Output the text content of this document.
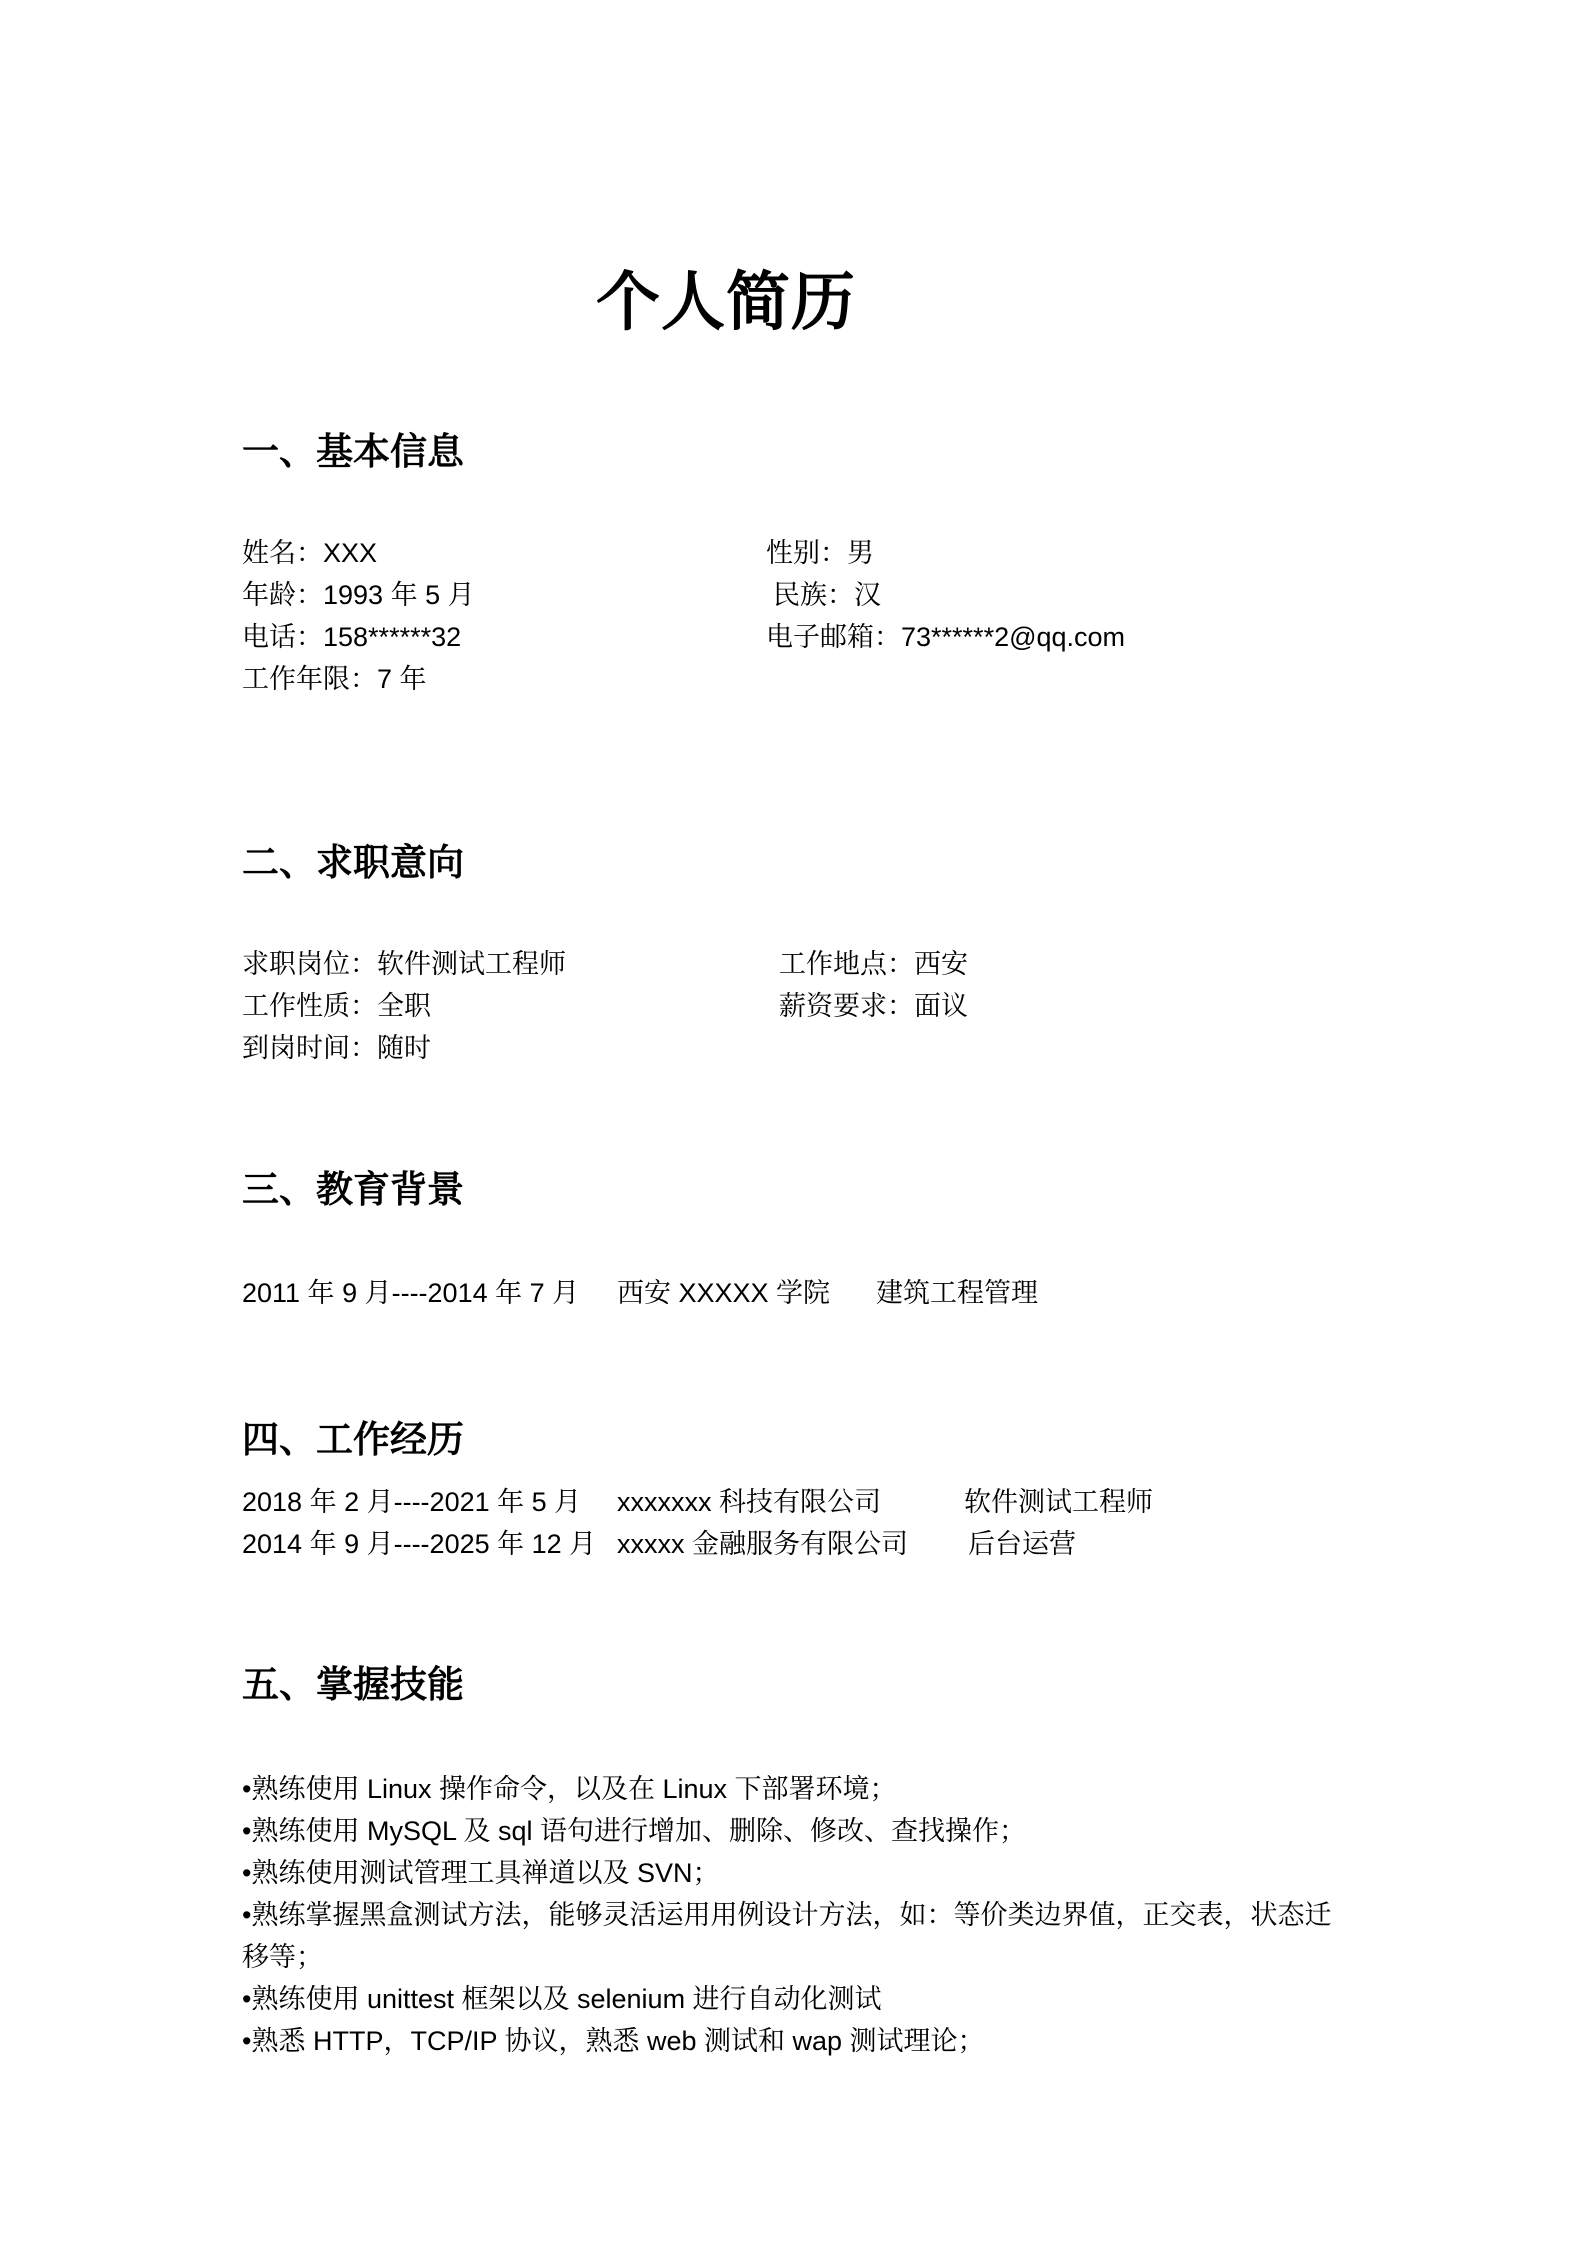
个人简历
一、基本信息
姓名：XXX	性别：男
年龄：1993 年 5 月	民族：汉
电话：158******32	电子邮箱：73******2@qq.com
工作年限：7 年
二、求职意向
求职岗位：软件测试工程师	工作地点：西安
工作性质：全职	薪资要求：面议
到岗时间：随时
三、教育背景
2011 年 9 月----2014 年 7 月 西安 XXXXX 学院 建筑工程管理
四、工作经历
2018 年 2 月----2021 年 5 月 xxxxxxx 科技有限公司	软件测试工程师
2014 年 9 月----2025 年 12 月 xxxxx 金融服务有限公司 后台运营
五、掌握技能
•熟练使用 Linux 操作命令，以及在 Linux 下部署环境；
•熟练使用 MySQL 及 sql 语句进行增加、删除、修改、查找操作；
•熟练使用测试管理工具禅道以及 SVN；
•熟练掌握黑盒测试方法，能够灵活运用用例设计方法，如：等价类边界值，正交表，状态迁移等；
•熟练使用 unittest 框架以及 selenium 进行自动化测试
•熟悉 HTTP，TCP/IP 协议，熟悉 web 测试和 wap 测试理论；
